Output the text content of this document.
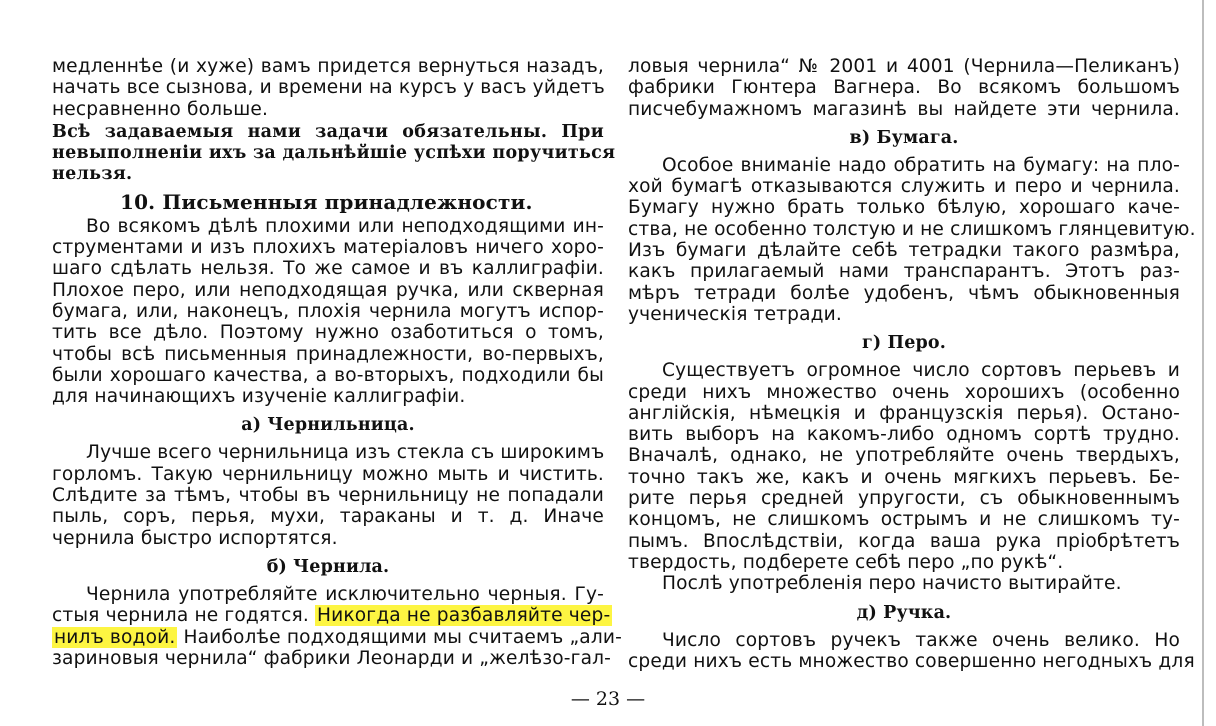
медленнѣе (и хуже) вамъ придется вернуться назадъ,
начать все сызнова, и времени на курсъ у васъ уйдетъ
несравненно больше.
Всѣ задаваемыя нами задачи обязательны. При
невыполненіи ихъ за дальнѣйшіе успѣхи поручиться
нельзя.
10. Письменныя принадлежности.
Во всякомъ дѣлѣ плохими или неподходящими ин-
струментами и изъ плохихъ матеріаловъ ничего хоро-
шаго сдѣлать нельзя. То же самое и въ каллиграфіи.
Плохое перо, или неподходящая ручка, или скверная
бумага, или, наконецъ, плохія чернила могутъ испор-
тить все дѣло. Поэтому нужно озаботиться о томъ,
чтобы всѣ письменныя принадлежности, во-первыхъ,
были хорошаго качества, а во-вторыхъ, подходили бы
для начинающихъ изученіе каллиграфіи.
а) Чернильница.
Лучше всего чернильница изъ стекла съ широкимъ
горломъ. Такую чернильницу можно мыть и чистить.
Слѣдите за тѣмъ, чтобы въ чернильницу не попадали
пыль, соръ, перья, мухи, тараканы и т. д. Иначе
чернила быстро испортятся.
б) Чернила.
Чернила употребляйте исключительно черныя. Гу-
стыя чернила не годятся. Никогда не разбавляйте чер-
нилъ водой. Наиболѣе подходящими мы считаемъ „али-
зариновыя чернила“ фабрики Леонарди и „желѣзо-гал-
ловыя чернила“ № 2001 и 4001 (Чернила—Пеликанъ)
фабрики Гюнтера Вагнера. Во всякомъ большомъ
писчебумажномъ магазинѣ вы найдете эти чернила.
в) Бумага.
Особое вниманіе надо обратить на бумагу: на пло-
хой бумагѣ отказываются служить и перо и чернила.
Бумагу нужно брать только бѣлую, хорошаго каче-
ства, не особенно толстую и не слишкомъ глянцевитую.
Изъ бумаги дѣлайте себѣ тетрадки такого размѣра,
какъ прилагаемый нами транспарантъ. Этотъ раз-
мѣръ тетради болѣе удобенъ, чѣмъ обыкновенныя
ученическія тетради.
г) Перо.
Существуетъ огромное число сортовъ перьевъ и
среди нихъ множество очень хорошихъ (особенно
англійскія, нѣмецкія и французскія перья). Остано-
вить выборъ на какомъ-либо одномъ сортѣ трудно.
Вначалѣ, однако, не употребляйте очень твердыхъ,
точно такъ же, какъ и очень мягкихъ перьевъ. Бе-
рите перья средней упругости, съ обыкновеннымъ
концомъ, не слишкомъ острымъ и не слишкомъ ту-
пымъ. Впослѣдствіи, когда ваша рука пріобрѣтетъ
твердость, подберете себѣ перо „по рукѣ“.
Послѣ употребленія перо начисто вытирайте.
д) Ручка.
Число сортовъ ручекъ также очень велико. Но
среди нихъ есть множество совершенно негодныхъ для
— 23 —
